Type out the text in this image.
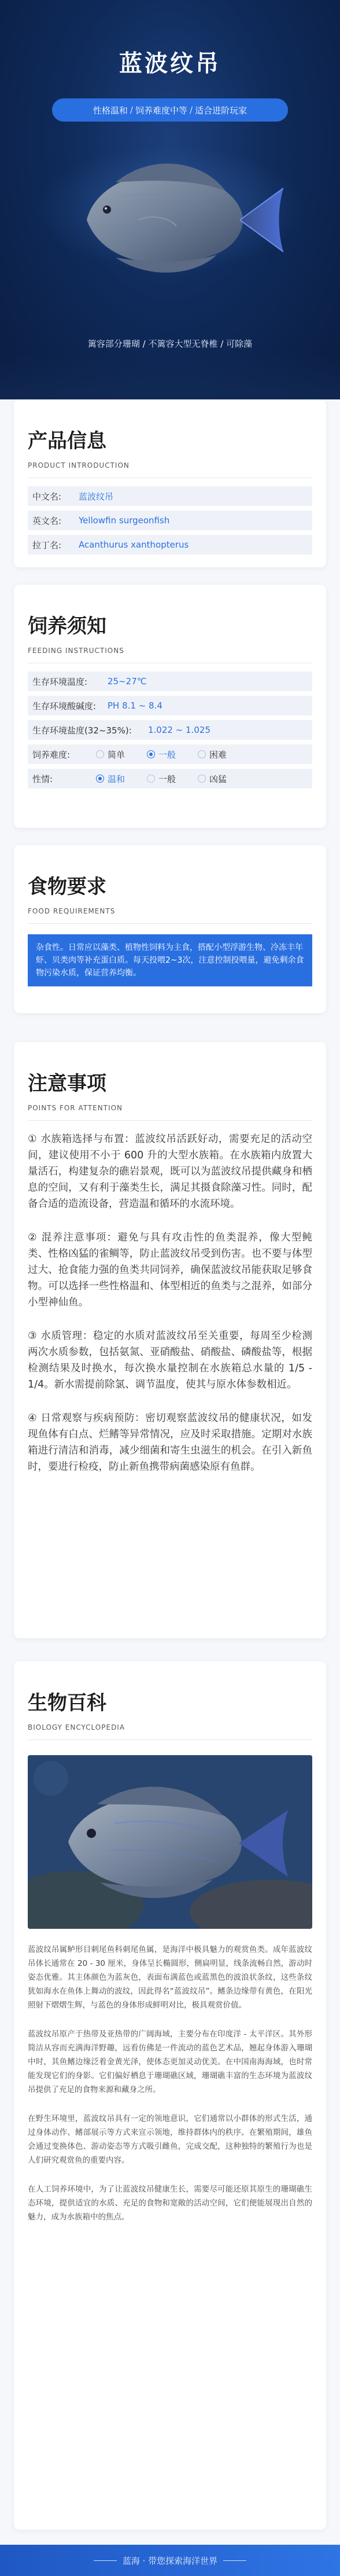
蓝波纹吊
性格温和 / 饲养难度中等 / 适合进阶玩家
篱容部分珊瑚 / 不篱容大型无脊椎 / 可除藻
产品信息
PRODUCT INTRODUCTION
中文名:	蓝波纹吊
英文名:	Yellowfin surgeonfish
拉丁名:	Acanthurus xanthopterus
饲养须知
FEEDING INSTRUCTIONS
生存环境温度:	25~27℃
生存环境酸碱度:	PH 8.1 ~ 8.4
生存环境盐度(32~35%):	1.022 ~ 1.025
饲养难度:	简单	一般	困难
性情:	温和	一般	凶猛
食物要求
FOOD REQUIREMENTS
杂食性。日常应以藻类、植物性饲料为主食，搭配小型浮游生物、冷冻丰年虾、贝类肉等补充蛋白质。每天投喂2~3次，注意控制投喂量，避免剩余食物污染水质，保证营养均衡。
注意事项
POINTS FOR ATTENTION
① 水族箱选择与布置：蓝波纹吊活跃好动，需要充足的活动空间，建议使用不小于 600 升的大型水族箱。在水族箱内放置大量活石，构建复杂的礁岩景观，既可以为蓝波纹吊提供藏身和栖息的空间，又有利于藻类生长，满足其摄食除藻习性。同时，配备合适的造流设备，营造温和循环的水流环境。
② 混养注意事项：避免与具有攻击性的鱼类混养，像大型鲀类、性格凶猛的雀鲷等，防止蓝波纹吊受到伤害。也不要与体型过大、抢食能力强的鱼类共同饲养，确保蓝波纹吊能获取足够食物。可以选择一些性格温和、体型相近的鱼类与之混养，如部分小型神仙鱼。
③ 水质管理：稳定的水质对蓝波纹吊至关重要，每周至少检测两次水质参数，包括氨氮、亚硝酸盐、硝酸盐、磷酸盐等，根据检测结果及时换水，每次换水量控制在水族箱总水量的 1/5 - 1/4。新水需提前除氯、调节温度，使其与原水体参数相近。
④ 日常观察与疾病预防：密切观察蓝波纹吊的健康状况，如发现鱼体有白点、烂鳍等异常情况，应及时采取措施。定期对水族箱进行清洁和消毒，减少细菌和寄生虫滋生的机会。在引入新鱼时，要进行检疫，防止新鱼携带病菌感染原有鱼群。
生物百科
BIOLOGY ENCYCLOPEDIA
蓝波纹吊属鲈形目刺尾鱼科刺尾鱼属，是海洋中极具魅力的观赏鱼类。成年蓝波纹吊体长通常在 20 - 30 厘米，身体呈长椭圆形，侧扁明显，线条流畅自然，游动时姿态优雅。其主体颜色为蓝灰色，表面布满蓝色或蓝黑色的波浪状条纹，这些条纹犹如海水在鱼体上舞动的波纹，因此得名“蓝波纹吊”。鳍条边缘带有黄色，在阳光照射下熠熠生辉，与蓝色的身体形成鲜明对比，极具观赏价值。
蓝波纹吊原产于热带及亚热带的广阔海域，主要分布在印度洋 - 太平洋区。其外形简洁从容而充满海洋野趣，远看仿佛是一件流动的蓝色艺术品，翘起身体游入珊瑚中时，其鱼鳍边缘泛着金黄光泽，使体态更加灵动优美。在中国南海海域，也时常能发现它们的身影。它们偏好栖息于珊瑚礁区域，珊瑚礁丰富的生态环境为蓝波纹吊提供了充足的食物来源和藏身之所。
在野生环境里，蓝波纹吊具有一定的领地意识，它们通常以小群体的形式生活，通过身体动作、鳍部展示等方式来宣示领地，维持群体内的秩序。在繁殖期间，雄鱼会通过变换体色、游动姿态等方式吸引雌鱼，完成交配，这种独特的繁殖行为也是人们研究观赏鱼的重要内容。
在人工饲养环境中，为了让蓝波纹吊健康生长，需要尽可能还原其原生的珊瑚礁生态环境，提供适宜的水质、充足的食物和宽敞的活动空间，它们便能展现出自然的魅力，成为水族箱中的焦点。
蓝海 · 带您探索海洋世界
